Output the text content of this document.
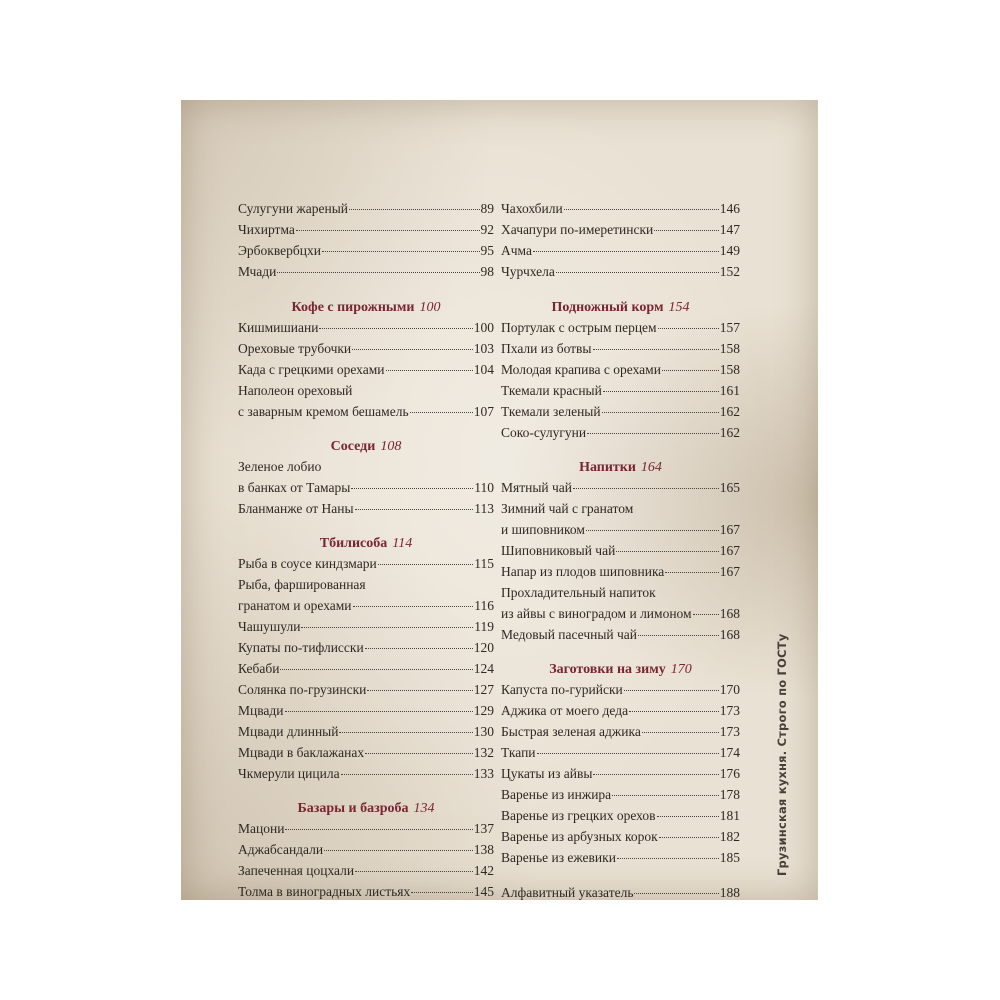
Сулугуни жареный	89
Чихиртма	92
Эрбоквербцхи	95
Мчади	98
Кофе с пирожными 100
Кишмишиани	100
Ореховые трубочки	103
Када с грецкими орехами	104
Наполеон ореховый
с заварным кремом бешамель	107
Соседи 108
Зеленое лобио
в банках от Тамары	110
Бланманже от Наны	113
Тбилисоба 114
Рыба в соусе киндзмари	115
Рыба, фаршированная
гранатом и орехами	116
Чашушули	119
Купаты по-тифлисски	120
Кебаби	124
Солянка по-грузински	127
Мцвади	129
Мцвади длинный	130
Мцвади в баклажанах	132
Чкмерули цицила	133
Базары и базроба 134
Мацони	137
Аджабсандали	138
Запеченная цоцхали	142
Толма в виноградных листьях	145
Чахохбили	146
Хачапури по-имеретински	147
Ачма	149
Чурчхела	152
Подножный корм 154
Портулак с острым перцем	157
Пхали из ботвы	158
Молодая крапива с орехами	158
Ткемали красный	161
Ткемали зеленый	162
Соко-сулугуни	162
Напитки 164
Мятный чай	165
Зимний чай с гранатом
и шиповником	167
Шиповниковый чай	167
Напар из плодов шиповника	167
Прохладительный напиток
из айвы с виноградом и лимоном 168
Медовый пасечный чай	168
Заготовки на зиму 170
Капуста по-гурийски	170
Аджика от моего деда	173
Быстрая зеленая аджика	173
Ткапи	174
Цукаты из айвы	176
Варенье из инжира	178
Варенье из грецких орехов	181
Варенье из арбузных корок	182
Варенье из ежевики	185
Алфавитный указатель	188
Грузинская кухня. Строго по ГОСТу
